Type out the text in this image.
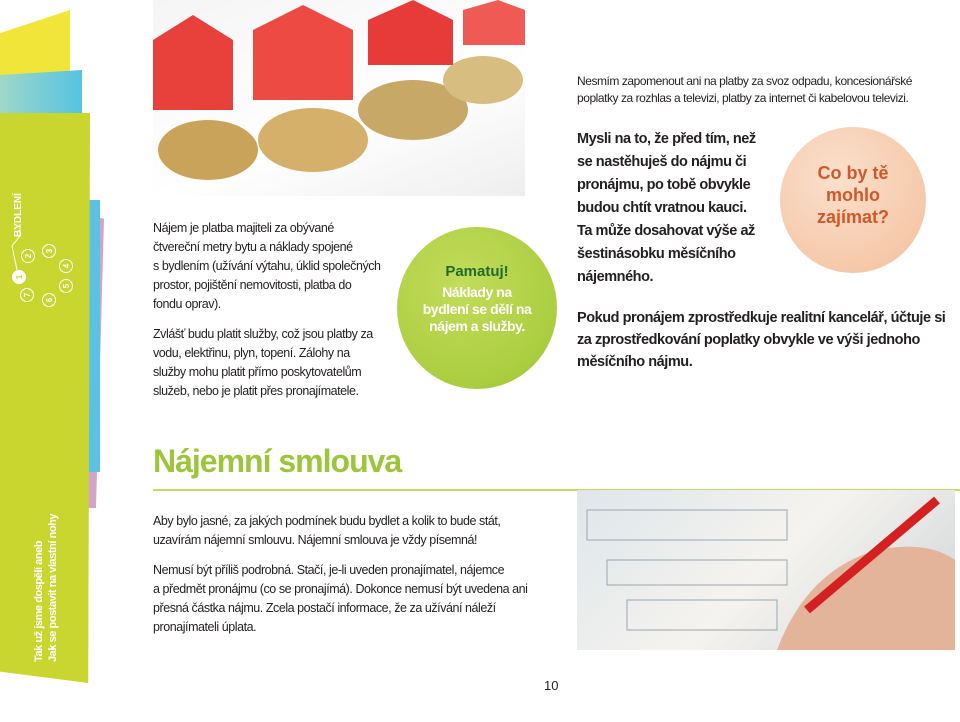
BYDLENÍ
1
2
3
4
5
6
7
Tak už jsme dospělí aneb Jak se postavit na vlastní nohy
Nesmím zapomenout ani na platby za svoz odpadu, koncesionářské
poplatky za rozhlas a televizi, platby za internet či kabelovou televizi.

Nájem je platba majiteli za obývané
čtvereční metry bytu a náklady spojené
s bydlením (užívání výtahu, úklid společných
prostor, pojištění nemovitosti, platba do
fondu oprav).

Zvlášť budu platit služby, což jsou platby za
vodu, elektřinu, plyn, topení. Zálohy na
služby mohu platit přímo poskytovatelům
služeb, nebo je platit přes pronajímatele.

Pamatuj!
Náklady na
bydlení se dělí na
nájem a služby.
Mysli na to, že před tím, než
se nastěhuješ do nájmu či
pronájmu, po tobě obvykle
budou chtít vratnou kauci.
Ta může dosahovat výše až
šestinásobku měsíčního
nájemného.
Co by tě
mohlo
zajímat?
Pokud pronájem zprostředkuje realitní kancelář, účtuje si
za zprostředkování poplatky obvykle ve výši jednoho
měsíčního nájmu.
Nájemní smlouva

Aby bylo jasné, za jakých podmínek budu bydlet a kolik to bude stát,
uzavírám nájemní smlouvu. Nájemní smlouva je vždy písemná!

Nemusí být příliš podrobná. Stačí, je-li uveden pronajímatel, nájemce
a předmět pronájmu (co se pronajímá). Dokonce nemusí být uvedena ani
přesná částka nájmu. Zcela postačí informace, že za užívání náleží
pronajímateli úplata.

10
